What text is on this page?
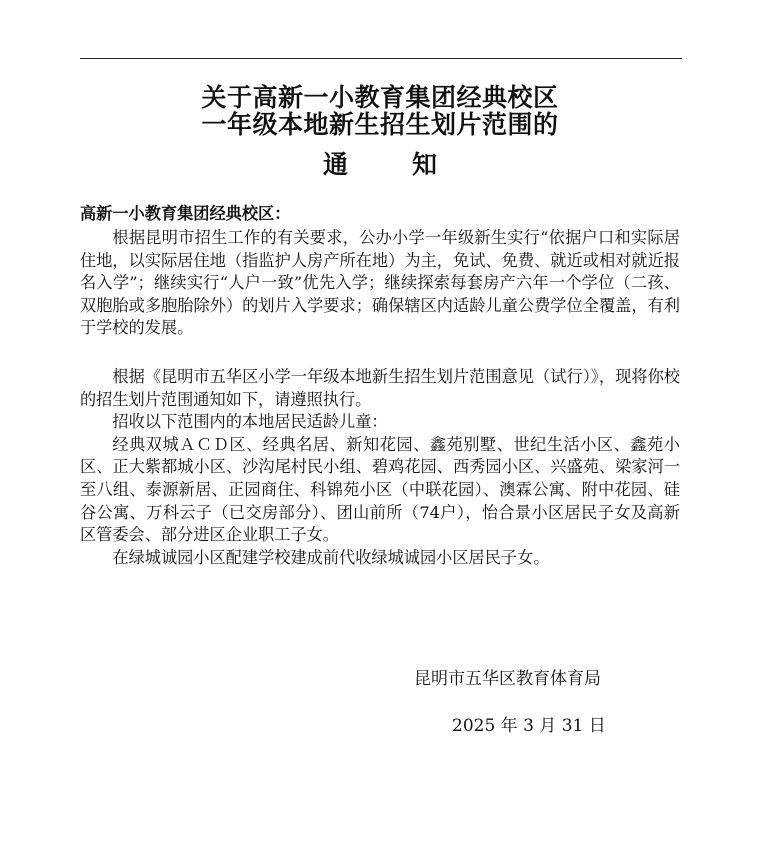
关于高新一小教育集团经典校区
一年级本地新生招生划片范围的
通	知
高新一小教育集团经典校区：

根据昆明市招生工作的有关要求，公办小学一年级新生实行“依据户口和实际居住地，以实际居住地（指监护人房产所在地）为主，免试、免费、就近或相对就近报名入学”；继续实行“人户一致”优先入学；继续探索每套房产六年一个学位（二孩、双胞胎或多胞胎除外）的划片入学要求；确保辖区内适龄儿童公费学位全覆盖，有利于学校的发展。

根据《昆明市五华区小学一年级本地新生招生划片范围意见（试行）》，现将你校的招生划片范围通知如下，请遵照执行。

招收以下范围内的本地居民适龄儿童：

经典双城ＡＣＤ区、经典名居、新知花园、鑫苑别墅、世纪生活小区、鑫苑小区、正大紫都城小区、沙沟尾村民小组、碧鸡花园、西秀园小区、兴盛苑、梁家河一至八组、泰源新居、正园商住、科锦苑小区（中联花园）、澳霖公寓、附中花园、硅谷公寓、万科云子（已交房部分）、团山前所（74户），怡合景小区居民子女及高新区管委会、部分进区企业职工子女。

在绿城诚园小区配建学校建成前代收绿城诚园小区居民子女。

昆明市五华区教育体育局
2025 年 3 月 31 日
